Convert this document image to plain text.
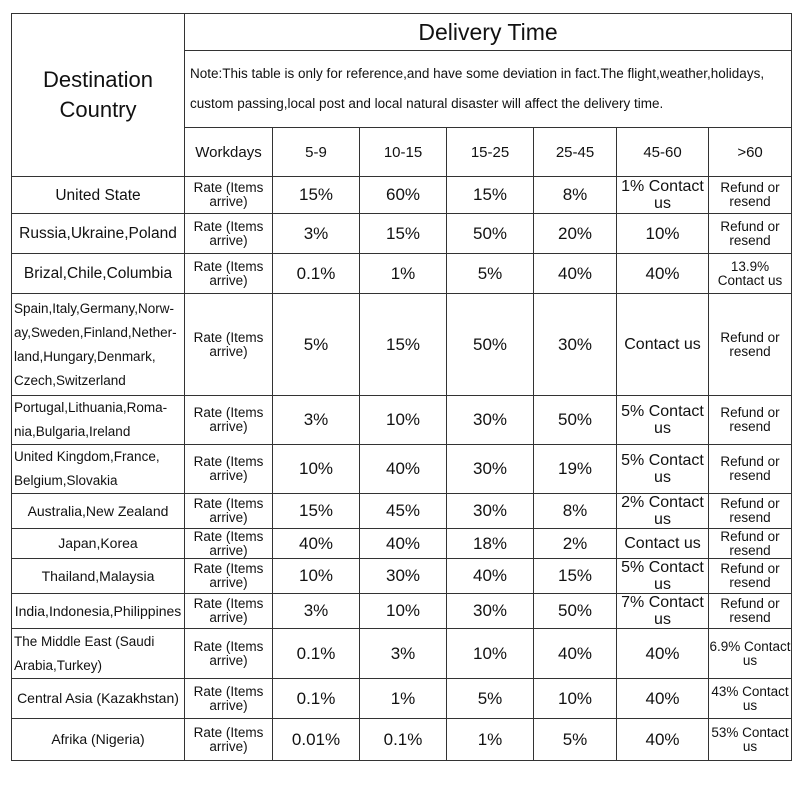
Destination Country	Delivery Time						
	Note:This table is only for reference,and have some deviation in fact.The flight,weather,holidays, custom passing,local post and local natural disaster will affect the delivery time.						
	Workdays	5-9	10-15	15-25	25-45	45-60	>60
United State	Rate (Items arrive)	15%	60%	15%	8%	1% Contact us	Refund or resend
Russia,Ukraine,Poland	Rate (Items arrive)	3%	15%	50%	20%	10%	Refund or resend
Brizal,Chile,Columbia	Rate (Items arrive)	0.1%	1%	5%	40%	40%	13.9% Contact us
Spain,Italy,Germany,Norw-ay,Sweden,Finland,Nether-land,Hungary,Denmark, Czech,Switzerland	Rate (Items arrive)	5%	15%	50%	30%	Contact us	Refund or resend
Portugal,Lithuania,Roma-nia,Bulgaria,Ireland	Rate (Items arrive)	3%	10%	30%	50%	5% Contact us	Refund or resend
United Kingdom,France, Belgium,Slovakia	Rate (Items arrive)	10%	40%	30%	19%	5% Contact us	Refund or resend
Australia,New Zealand	Rate (Items arrive)	15%	45%	30%	8%	2% Contact us	Refund or resend
Japan,Korea	Rate (Items arrive)	40%	40%	18%	2%	Contact us	Refund or resend
Thailand,Malaysia	Rate (Items arrive)	10%	30%	40%	15%	5% Contact us	Refund or resend
India,Indonesia,Philippines	Rate (Items arrive)	3%	10%	30%	50%	7% Contact us	Refund or resend
The Middle East (Saudi Arabia,Turkey)	Rate (Items arrive)	0.1%	3%	10%	40%	40%	6.9% Contact us
Central Asia (Kazakhstan)	Rate (Items arrive)	0.1%	1%	5%	10%	40%	43% Contact us
Afrika (Nigeria)	Rate (Items arrive)	0.01%	0.1%	1%	5%	40%	53% Contact us
